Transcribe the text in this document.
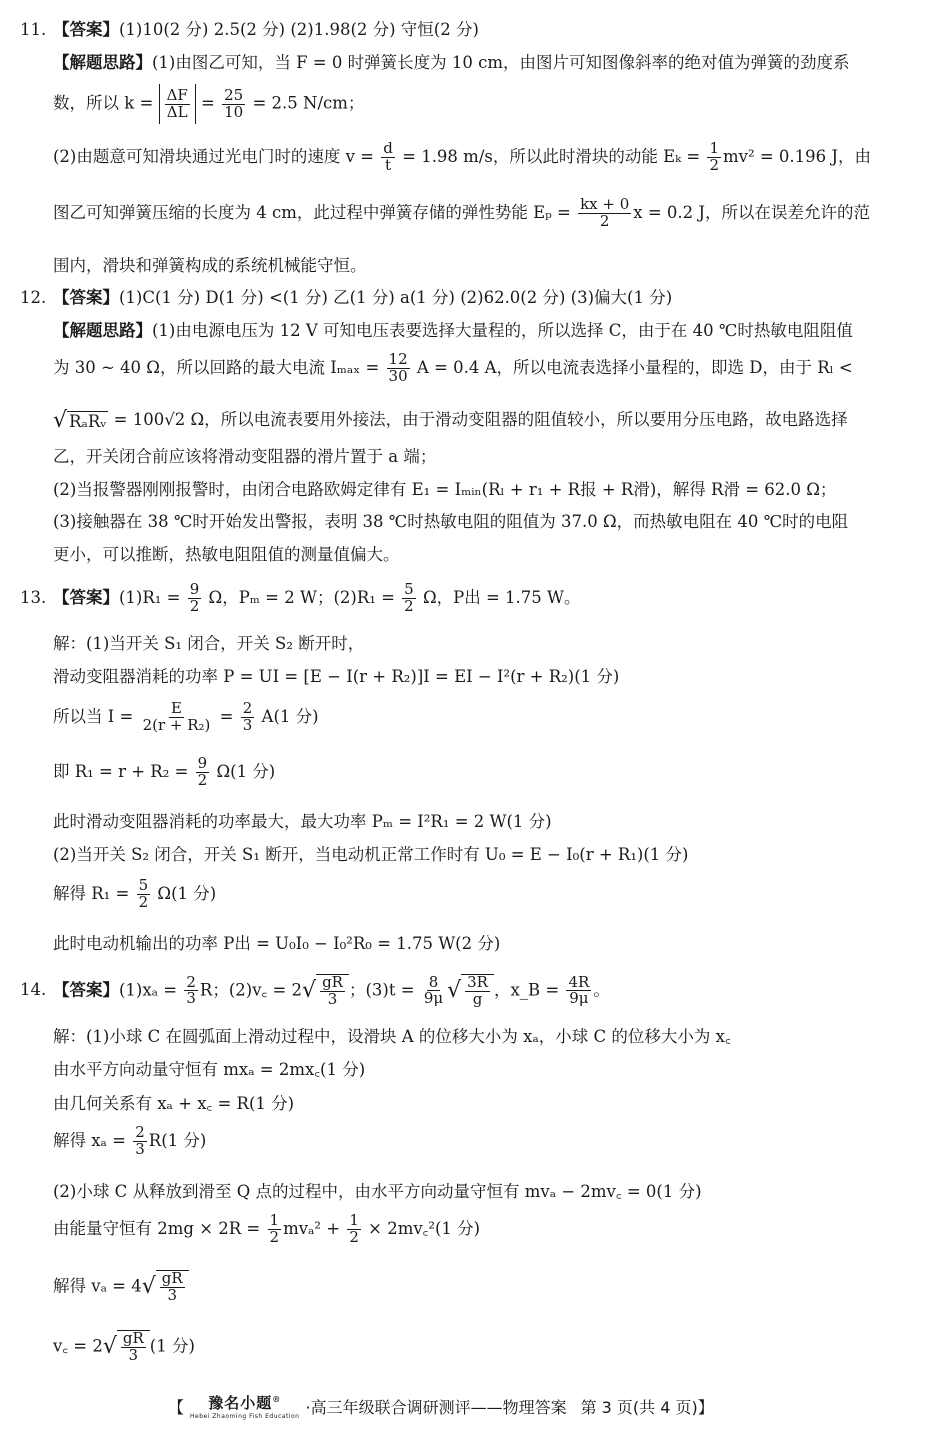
11. 【答案】(1)10(2 分) 2.5(2 分) (2)1.98(2 分) 守恒(2 分)
【解题思路】(1)由图乙可知，当 F = 0 时弹簧长度为 10 cm，由图片可知图像斜率的绝对值为弹簧的劲度系
数，所以 $k = \frac{\Delta F}{\Delta L} = \frac{25}{10} = 2.5$ N/cm；
(2)由题意可知滑块通过光电门时的速度 $v = \frac{d}{t} = 1.98$ m/s，所以此时滑块的动能 $E_k = \frac{1}{2} mv^2 = 0.196$ J，由
图乙可知弹簧压缩的长度为 4 cm，此过程中弹簧存储的弹性势能 $E_p = \frac{kx + 0}{2}$ x = 0.2 J，所以在误差允许的范
围内，滑块和弹簧构成的系统机械能守恒。
12. 【答案】(1)C(1 分) D(1 分) <(1 分) 乙(1 分) a(1 分) (2)62.0(2 分) (3)偏大(1 分)
【解题思路】(1)由电源电压为 12 V 可知电压表要选择大量程的，所以选择 C，由于在 40 ℃时热敏电阻阻值
为 30 ~ 40 Ω，所以回路的最大电流 $I_{max} = \frac{12}{30}$ A = 0.4 A，所以电流表选择小量程的，即选 D，由于 Rₗ <
√ RₐRᵥ = 100√2 Ω，所以电流表要用外接法，由于滑动变阻器的阻值较小，所以要用分压电路，故电路选择
乙，开关闭合前应该将滑动变阻器的滑片置于 a 端；
(2)当报警器刚刚报警时，由闭合电路欧姆定律有 E₁ = Iₘᵢₙ(Rₗ + r₁ + R报 + R滑)，解得 R滑 = 62.0 Ω；
(3)接触器在 38 ℃时开始发出警报，表明 38 ℃时热敏电阻的阻值为 37.0 Ω，而热敏电阻在 40 ℃时的电阻
更小，可以推断，热敏电阻阻值的测量值偏大。
13. 【答案】$(1)R_1 = \frac{9}{2}$ Ω，Pₘ = 2 W；$(2)R_1 = \frac{5}{2}$ Ω，P出 = 1.75 W。
解：(1)当开关 S₁ 闭合，开关 S₂ 断开时，
滑动变阻器消耗的功率 P = UI = [E − I(r + R₂)]I = EI − I²(r + R₂)(1 分)
所以当 $I = \frac{E}{\text{2(r + R₂)}} = \frac{2}{3} A(1$ 分)
即 $R_1 = r + R_2 = \frac{9}{2} \Omega(1$ 分)
此时滑动变阻器消耗的功率最大，最大功率 Pₘ = I²R₁ = 2 W(1 分)
(2)当开关 S₂ 闭合，开关 S₁ 断开，当电动机正常工作时有 U₀ = E − I₀(r + R₁)(1 分)
解得 $R_1 = \frac{5}{2} \Omega(1$ 分)
此时电动机输出的功率 P出 = U₀I₀ − I₀²R₀ = 1.75 W(2 分)
14. 【答案】$(1)x_a = \frac{2}{3}$ R；(2)v꜀ = 2 √ $\frac{gR}{3}$ ；$(3)t = \frac{8}{9\mu}$ √ $\frac{3R}{g}$ ，x_B = $\frac{4R}{9\mu}$ 。
解：(1)小球 C 在圆弧面上滑动过程中，设滑块 A 的位移大小为 xₐ，小球 C 的位移大小为 x꜀
由水平方向动量守恒有 mxₐ = 2mx꜀(1 分)
由几何关系有 xₐ + x꜀ = R(1 分)
解得 $x_a = \frac{2}{3} R(1$ 分)
(2)小球 C 从释放到滑至 Q 点的过程中，由水平方向动量守恒有 mvₐ − 2mv꜀ = 0(1 分)
由能量守恒有 $2mg \times 2R = \frac{1}{2} mv_a^2 + \frac{1}{2}$ × 2mv꜀²(1 分)
解得 vₐ = 4 √ $\frac{gR}{3}$
v꜀ = 2 √ $\frac{gR}{3} (1$ 分)
【 豫名小题®
Hebei Zhaoming Fish Education ·高三年级联合调研测评——物理答案 第 3 页(共 4 页) 】
